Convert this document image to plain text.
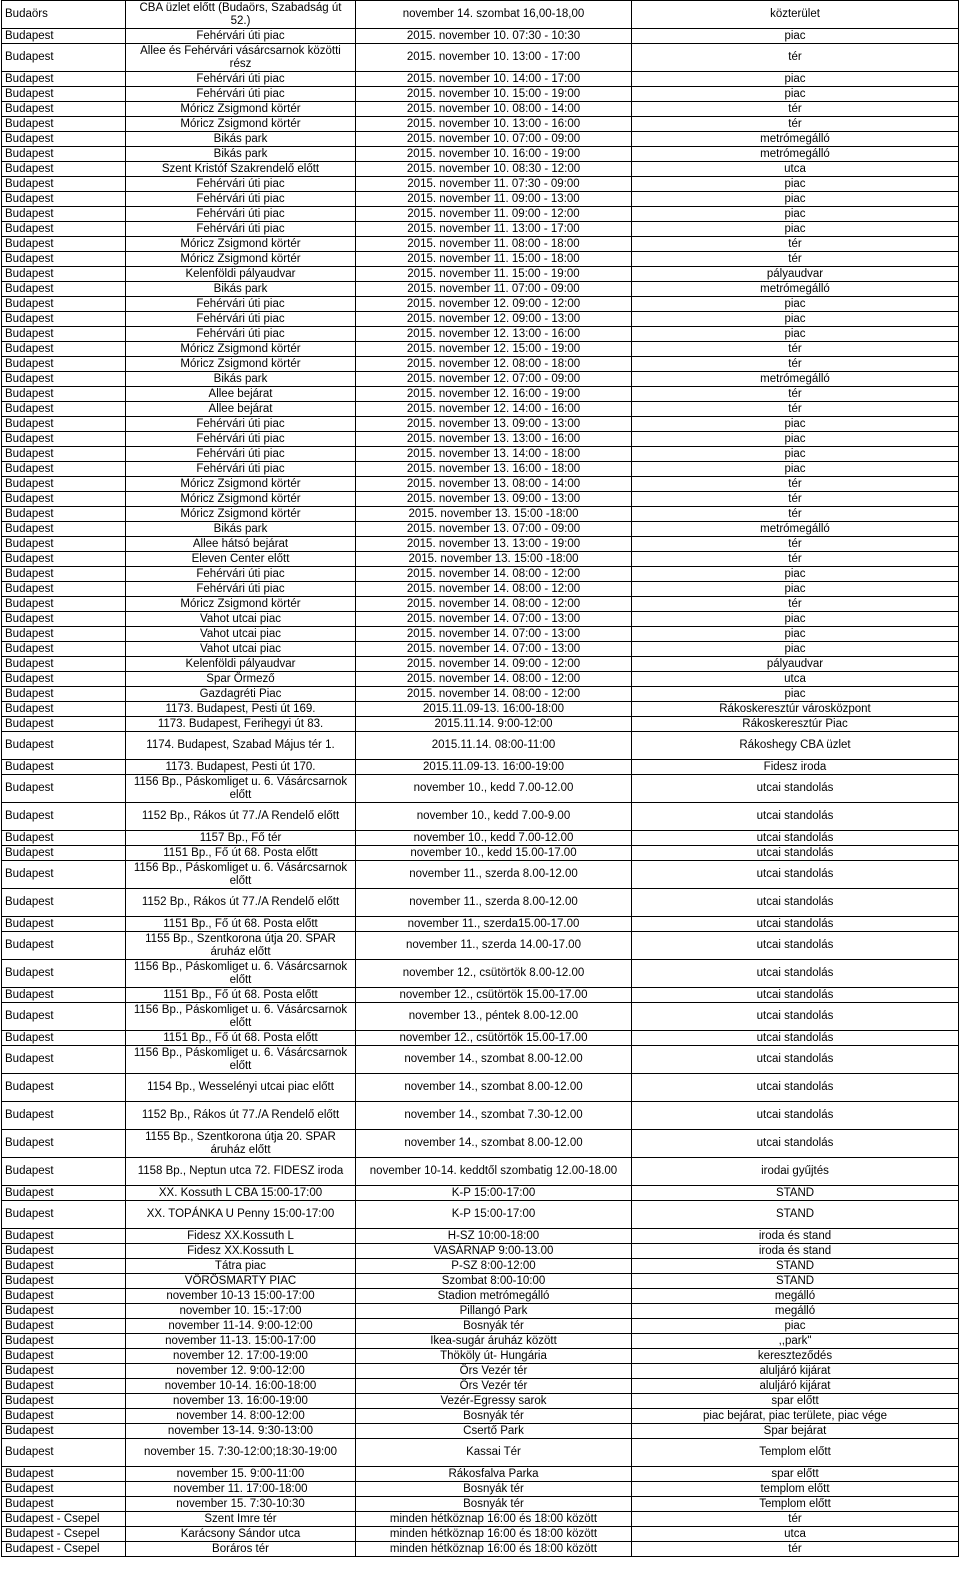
Budaörs	CBA üzlet előtt (Budaörs, Szabadság út 52.)	november 14. szombat 16,00-18,00	közterület
Budapest	Fehérvári úti piac	2015. november 10. 07:30 - 10:30	piac
Budapest	Allee és Fehérvári vásárcsarnok közötti rész	2015. november 10. 13:00 - 17:00	tér
Budapest	Fehérvári úti piac	2015. november 10. 14:00 - 17:00	piac
Budapest	Fehérvári úti piac	2015. november 10. 15:00 - 19:00	piac
Budapest	Móricz Zsigmond körtér	2015. november 10. 08:00 - 14:00	tér
Budapest	Móricz Zsigmond körtér	2015. november 10. 13:00 - 16:00	tér
Budapest	Bikás park	2015. november 10. 07:00 - 09:00	metrómegálló
Budapest	Bikás park	2015. november 10. 16:00 - 19:00	metrómegálló
Budapest	Szent Kristóf Szakrendelő előtt	2015. november 10. 08:30 - 12:00	utca
Budapest	Fehérvári úti piac	2015. november 11. 07:30 - 09:00	piac
Budapest	Fehérvári úti piac	2015. november 11. 09:00 - 13:00	piac
Budapest	Fehérvári úti piac	2015. november 11. 09:00 - 12:00	piac
Budapest	Fehérvári úti piac	2015. november 11. 13:00 - 17:00	piac
Budapest	Móricz Zsigmond körtér	2015. november 11. 08:00 - 18:00	tér
Budapest	Móricz Zsigmond körtér	2015. november 11. 15:00 - 18:00	tér
Budapest	Kelenföldi pályaudvar	2015. november 11. 15:00 - 19:00	pályaudvar
Budapest	Bikás park	2015. november 11. 07:00 - 09:00	metrómegálló
Budapest	Fehérvári úti piac	2015. november 12. 09:00 - 12:00	piac
Budapest	Fehérvári úti piac	2015. november 12. 09:00 - 13:00	piac
Budapest	Fehérvári úti piac	2015. november 12. 13:00 - 16:00	piac
Budapest	Móricz Zsigmond körtér	2015. november 12. 15:00 - 19:00	tér
Budapest	Móricz Zsigmond körtér	2015. november 12. 08:00 - 18:00	tér
Budapest	Bikás park	2015. november 12. 07:00 - 09:00	metrómegálló
Budapest	Allee bejárat	2015. november 12. 16:00 - 19:00	tér
Budapest	Allee bejárat	2015. november 12. 14:00 - 16:00	tér
Budapest	Fehérvári úti piac	2015. november 13. 09:00 - 13:00	piac
Budapest	Fehérvári úti piac	2015. november 13. 13:00 - 16:00	piac
Budapest	Fehérvári úti piac	2015. november 13. 14:00 - 18:00	piac
Budapest	Fehérvári úti piac	2015. november 13. 16:00 - 18:00	piac
Budapest	Móricz Zsigmond körtér	2015. november 13. 08:00 - 14:00	tér
Budapest	Móricz Zsigmond körtér	2015. november 13. 09:00 - 13:00	tér
Budapest	Móricz Zsigmond körtér	2015. november 13. 15:00 -18:00	tér
Budapest	Bikás park	2015. november 13. 07:00 - 09:00	metrómegálló
Budapest	Allee hátsó bejárat	2015. november 13. 13:00 - 19:00	tér
Budapest	Eleven Center előtt	2015. november 13. 15:00 -18:00	tér
Budapest	Fehérvári úti piac	2015. november 14. 08:00 - 12:00	piac
Budapest	Fehérvári úti piac	2015. november 14. 08:00 - 12:00	piac
Budapest	Móricz Zsigmond körtér	2015. november 14. 08:00 - 12:00	tér
Budapest	Vahot utcai piac	2015. november 14. 07:00 - 13:00	piac
Budapest	Vahot utcai piac	2015. november 14. 07:00 - 13:00	piac
Budapest	Vahot utcai piac	2015. november 14. 07:00 - 13:00	piac
Budapest	Kelenföldi pályaudvar	2015. november 14. 09:00 - 12:00	pályaudvar
Budapest	Spar Őrmező	2015. november 14. 08:00 - 12:00	utca
Budapest	Gazdagréti Piac	2015. november 14. 08:00 - 12:00	piac
Budapest	1173. Budapest, Pesti út 169.	2015.11.09-13. 16:00-18:00	Rákoskeresztúr városközpont
Budapest	1173. Budapest, Ferihegyi út 83.	2015.11.14. 9:00-12:00	Rákoskeresztúr Piac
Budapest	1174. Budapest, Szabad Május tér 1.	2015.11.14. 08:00-11:00	Rákoshegy CBA üzlet
Budapest	1173. Budapest, Pesti út 170.	2015.11.09-13. 16:00-19:00	Fidesz iroda
Budapest	1156 Bp., Páskomliget u. 6. Vásárcsarnok előtt	november 10., kedd 7.00-12.00	utcai standolás
Budapest	1152 Bp., Rákos út 77./A Rendelő előtt	november 10., kedd 7.00-9.00	utcai standolás
Budapest	1157 Bp., Fő tér	november 10., kedd 7.00-12.00	utcai standolás
Budapest	1151 Bp., Fő út 68. Posta előtt	november 10., kedd 15.00-17.00	utcai standolás
Budapest	1156 Bp., Páskomliget u. 6. Vásárcsarnok előtt	november 11., szerda 8.00-12.00	utcai standolás
Budapest	1152 Bp., Rákos út 77./A Rendelő előtt	november 11., szerda 8.00-12.00	utcai standolás
Budapest	1151 Bp., Fő út 68. Posta előtt	november 11., szerda15.00-17.00	utcai standolás
Budapest	1155 Bp., Szentkorona útja 20. SPAR áruház előtt	november 11., szerda 14.00-17.00	utcai standolás
Budapest	1156 Bp., Páskomliget u. 6. Vásárcsarnok előtt	november 12., csütörtök 8.00-12.00	utcai standolás
Budapest	1151 Bp., Fő út 68. Posta előtt	november 12., csütörtök 15.00-17.00	utcai standolás
Budapest	1156 Bp., Páskomliget u. 6. Vásárcsarnok előtt	november 13., péntek 8.00-12.00	utcai standolás
Budapest	1151 Bp., Fő út 68. Posta előtt	november 12., csütörtök 15.00-17.00	utcai standolás
Budapest	1156 Bp., Páskomliget u. 6. Vásárcsarnok előtt	november 14., szombat 8.00-12.00	utcai standolás
Budapest	1154 Bp., Wesselényi utcai piac előtt	november 14., szombat 8.00-12.00	utcai standolás
Budapest	1152 Bp., Rákos út 77./A Rendelő előtt	november 14., szombat 7.30-12.00	utcai standolás
Budapest	1155 Bp., Szentkorona útja 20. SPAR áruház előtt	november 14., szombat 8.00-12.00	utcai standolás
Budapest	1158 Bp., Neptun utca 72. FIDESZ iroda	november 10-14. keddtől szombatig 12.00-18.00	irodai gyűjtés
Budapest	XX. Kossuth L CBA 15:00-17:00	K-P 15:00-17:00	STAND
Budapest	XX. TOPÁNKA U Penny 15:00-17:00	K-P 15:00-17:00	STAND
Budapest	Fidesz XX.Kossuth L	H-SZ 10:00-18:00	iroda és stand
Budapest	Fidesz XX.Kossuth L	VASÁRNAP 9:00-13.00	iroda és stand
Budapest	Tátra piac	P-SZ 8:00-12:00	STAND
Budapest	VÖRÖSMARTY PIAC	Szombat 8:00-10:00	STAND
Budapest	november 10-13 15:00-17:00	Stadion metrómegálló	megálló
Budapest	november 10. 15:-17:00	Pillangó Park	megálló
Budapest	november 11-14. 9:00-12:00	Bosnyák tér	piac
Budapest	november 11-13. 15:00-17:00	Ikea-sugár áruház között	,,park"
Budapest	november 12. 17:00-19:00	Thököly út- Hungária	kereszteződés
Budapest	november 12. 9:00-12:00	Örs Vezér tér	aluljáró kijárat
Budapest	november 10-14. 16:00-18:00	Örs Vezér tér	aluljáró kijárat
Budapest	november 13. 16:00-19:00	Vezér-Egressy sarok	spar előtt
Budapest	november 14. 8:00-12:00	Bosnyák tér	piac bejárat, piac területe, piac vége
Budapest	november 13-14. 9:30-13:00	Csertő Park	Spar bejárat
Budapest	november 15. 7:30-12:00;18:30-19:00	Kassai Tér	Templom előtt
Budapest	november 15. 9:00-11:00	Rákosfalva Parka	spar előtt
Budapest	november 11. 17:00-18:00	Bosnyák tér	templom előtt
Budapest	november 15. 7:30-10:30	Bosnyák tér	Templom előtt
Budapest - Csepel	Szent Imre tér	minden hétköznap 16:00 és 18:00 között	tér
Budapest - Csepel	Karácsony Sándor utca	minden hétköznap 16:00 és 18:00 között	utca
Budapest - Csepel	Boráros tér	minden hétköznap 16:00 és 18:00 között	tér
